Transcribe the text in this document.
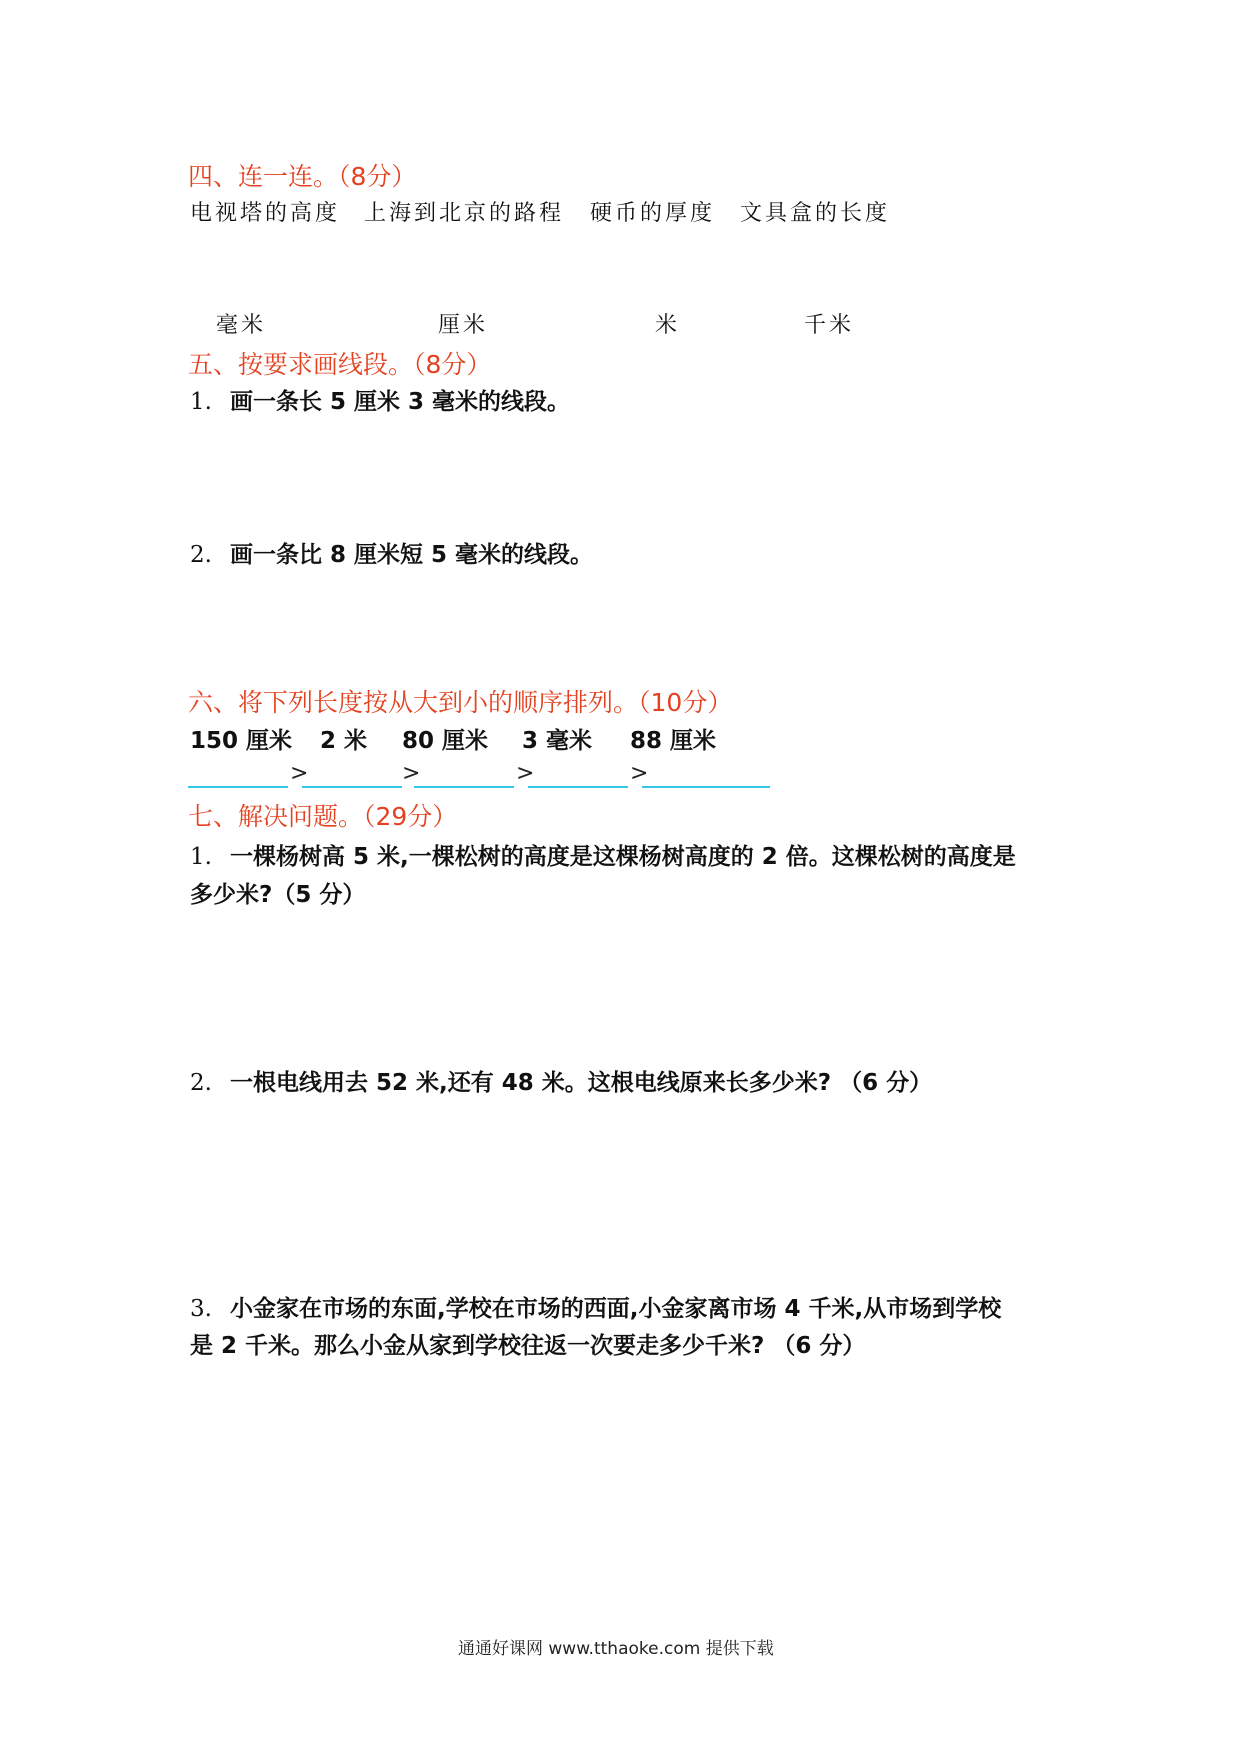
四、连一连。（8分）
电视塔的高度 上海到北京的路程 硬币的厚度 文具盒的长度
毫米	厘米	米	千米
五、按要求画线段。（8分）
1. 画一条长 5 厘米 3 毫米的线段。
2. 画一条比 8 厘米短 5 毫米的线段。
六、将下列长度按从大到小的顺序排列。（10分）
150 厘米 2 米 80 厘米 3 毫米 88 厘米
>	>	>	>
七、解决问题。（29分）
1. 一棵杨树高 5 米,一棵松树的高度是这棵杨树高度的 2 倍。这棵松树的高度是
多少米?（5 分）
2. 一根电线用去 52 米,还有 48 米。这根电线原来长多少米? （6 分）
3. 小金家在市场的东面,学校在市场的西面,小金家离市场 4 千米,从市场到学校
是 2 千米。那么小金从家到学校往返一次要走多少千米? （6 分）
通通好课网 www.tthaoke.com 提供下载
